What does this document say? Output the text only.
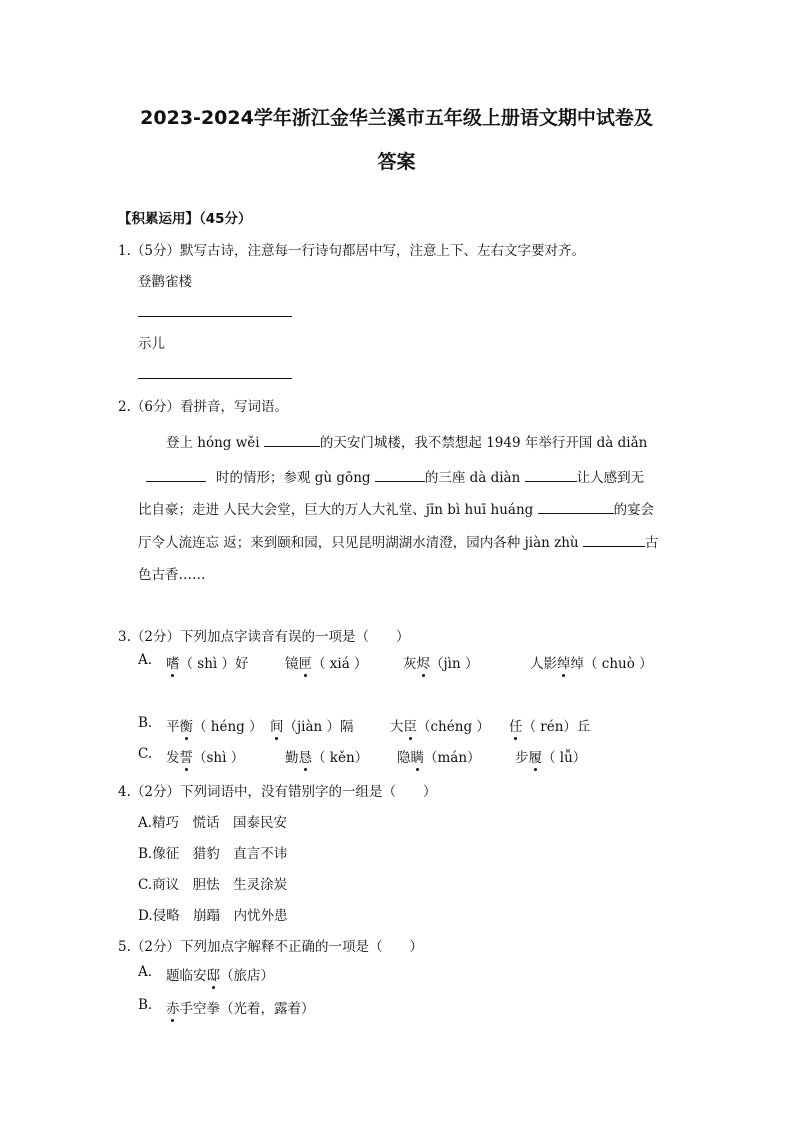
2023-2024学年浙江金华兰溪市五年级上册语文期中试卷及
答案
【积累运用】（45分）
1.（5分）默写古诗，注意每一行诗句都居中写，注意上下、左右文字要对齐。
登鹳雀楼
示儿
2.（6分）看拼音，写词语。
登上 hóng wěi	的天安门城楼，我不禁想起 1949 年举行开国 dà diǎn
时的情形；参观 gù gōng	的三座 dà diàn	让人感到无
比自豪；走进 人民大会堂，巨大的万人大礼堂、jīn bì huī huáng	的宴会
厅令人流连忘 返；来到颐和园，只见昆明湖湖水清澄，园内各种 jiàn zhù	古
色古香……
3.（2分）下列加点字读音有误的一项是（　　）
A. 嗜（ shì ）好	镜匣（ xiá ）	灰烬（jìn ）	人影绰绰（ chuò ）
B. 平衡（ héng ） 间（jiàn ）隔	大臣（chéng ） 任（ rén）丘
C. 发誓（shì ）	勤恳（ kěn） 隐瞒（mán）	步履（ lǚ）
4.（2分）下列词语中，没有错别字的一组是（　　）
A.精巧　慌话　国泰民安
B.像征　猎豹　直言不讳
C.商议　胆怯　生灵涂炭
D.侵略　崩蹋　内忧外患
5.（2分）下列加点字解释不正确的一项是（　　）
A. 题临安邸（旅店）
B. 赤手空拳（光着，露着）
